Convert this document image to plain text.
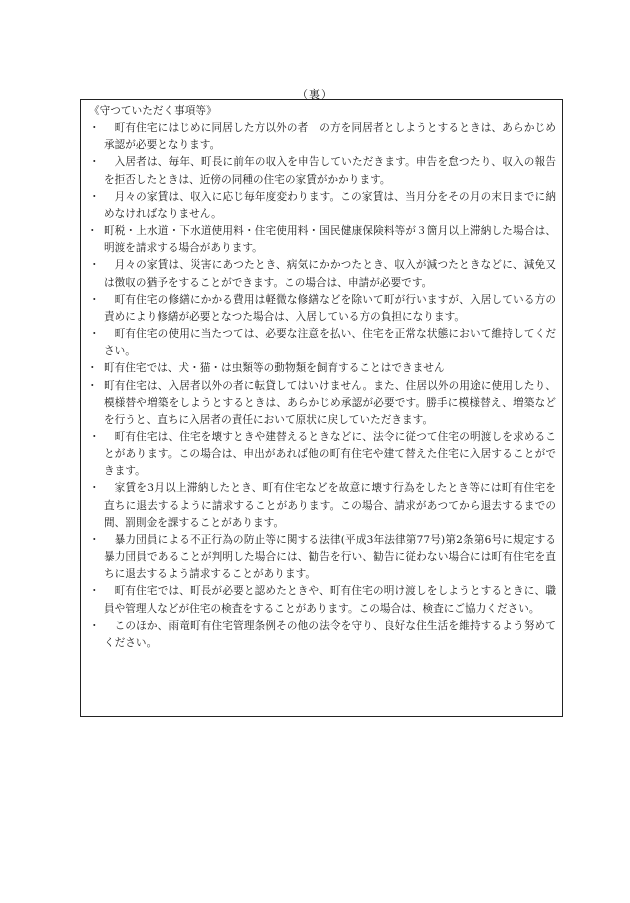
（裏）

《守つていただく事項等》

・	町有住宅にはじめに同居した方以外の者　の方を同居者としようとするときは、あらかじめ承認が必要となります。
・	入居者は、毎年、町長に前年の収入を申告していただきます。申告を怠つたり、収入の報告を拒否したときは、近傍の同種の住宅の家賃がかかります。
・	月々の家賃は、収入に応じ毎年度変わります。この家賃は、当月分をその月の末日までに納めなければなりません。
・ 町税・上水道・下水道使用料・住宅使用料・国民健康保険料等が３箇月以上滞納した場合は、明渡を請求する場合があります。
・	月々の家賃は、災害にあつたとき、病気にかかつたとき、収入が減つたときなどに、減免又は徴収の猶予をすることができます。この場合は、申請が必要です。
・	町有住宅の修繕にかかる費用は軽微な修繕などを除いて町が行いますが、入居している方の責めにより修繕が必要となつた場合は、入居している方の負担になります。
・	町有住宅の使用に当たつては、必要な注意を払い、住宅を正常な状態において維持してください。
・ 町有住宅では、犬・猫・は虫類等の動物類を飼育することはできません
・ 町有住宅は、入居者以外の者に転貸してはいけません。また、住居以外の用途に使用したり、模様替や増築をしようとするときは、あらかじめ承認が必要です。勝手に模様替え、増築などを行うと、直ちに入居者の責任において原状に戻していただきます。
・	町有住宅は、住宅を壊すときや建替えるときなどに、法令に従つて住宅の明渡しを求めることがあります。この場合は、申出があれば他の町有住宅や建て替えた住宅に入居することができます。
・	家賃を3月以上滞納したとき、町有住宅などを故意に壊す行為をしたとき等には町有住宅を直ちに退去するように請求することがあります。この場合、請求があつてから退去するまでの間、罰則金を課することがあります。
・	暴力団員による不正行為の防止等に関する法律(平成3年法律第77号)第2条第6号に規定する暴力団員であることが判明した場合には、勧告を行い、勧告に従わない場合には町有住宅を直ちに退去するよう請求することがあります。
・	町有住宅では、町長が必要と認めたときや、町有住宅の明け渡しをしようとするときに、職員や管理人などが住宅の検査をすることがあります。この場合は、検査にご協力ください。
・	このほか、雨竜町有住宅管理条例その他の法令を守り、良好な住生活を維持するよう努めてください。
